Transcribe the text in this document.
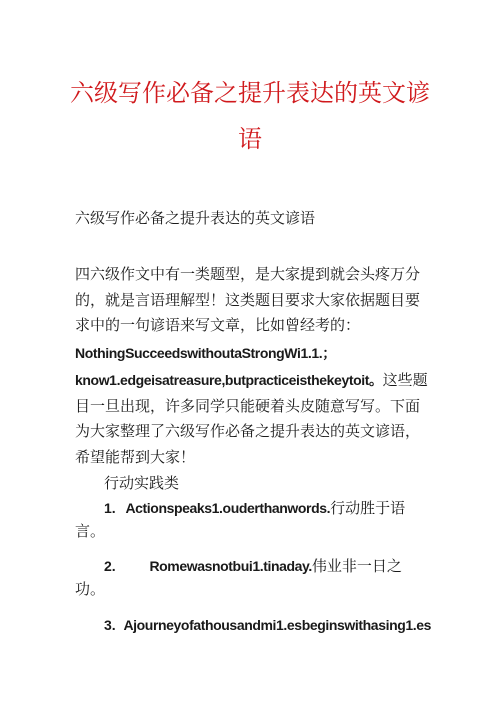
六级写作必备之提升表达的英文谚
语
六级写作必备之提升表达的英文谚语
四六级作文中有一类题型，是大家提到就会头疼万分
的，就是言语理解型！这类题目要求大家依据题目要
求中的一句谚语来写文章，比如曾经考的：
NothingSucceedswithoutaStrongWi1.1.；
know1.edgeisatreasure,butpracticeisthekeytoit。这些题
目一旦出现，许多同学只能硬着头皮随意写写。下面
为大家整理了六级写作必备之提升表达的英文谚语，
希望能帮到大家！
行动实践类
1. Actionspeaks1.ouderthanwords.行动胜于语
言。
2. Romewasnotbui1.tinaday.伟业非一日之
功。
3. Ajourneyofathousandmi1.esbeginswithasing1.es
